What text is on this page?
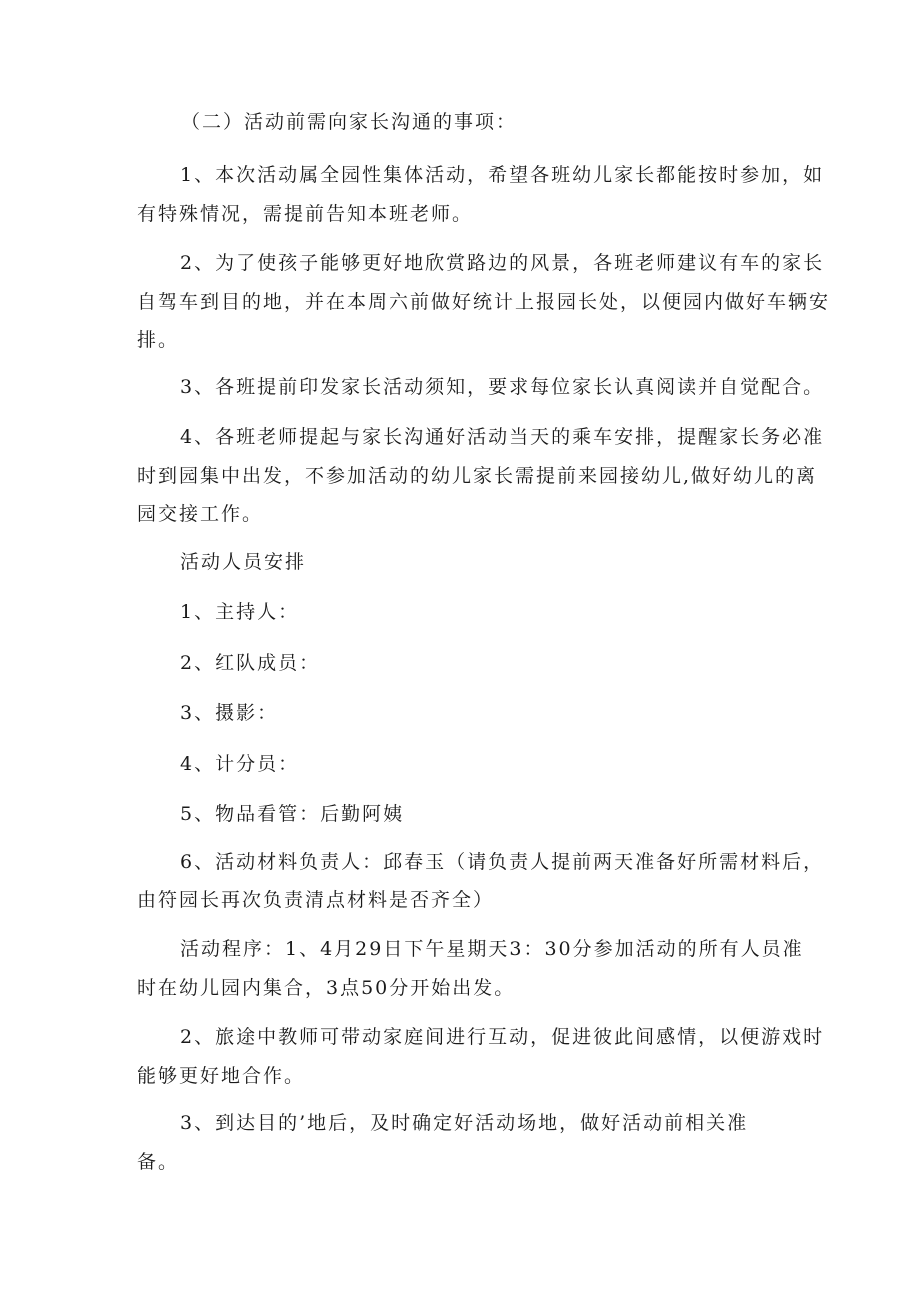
（二）活动前需向家长沟通的事项：
1、本次活动属全园性集体活动，希望各班幼儿家长都能按时参加，如
有特殊情况，需提前告知本班老师。
2、为了使孩子能够更好地欣赏路边的风景，各班老师建议有车的家长
自驾车到目的地，并在本周六前做好统计上报园长处，以便园内做好车辆安
排。
3、各班提前印发家长活动须知，要求每位家长认真阅读并自觉配合。
4、各班老师提起与家长沟通好活动当天的乘车安排，提醒家长务必准
时到园集中出发，不参加活动的幼儿家长需提前来园接幼儿,做好幼儿的离
园交接工作。
活动人员安排
1、主持人：
2、红队成员：
3、摄影：
4、计分员：
5、物品看管：后勤阿姨
6、活动材料负责人：邱春玉（请负责人提前两天准备好所需材料后，
由符园长再次负责清点材料是否齐全）
活动程序：1、4月29日下午星期天3：30分参加活动的所有人员准
时在幼儿园内集合，3点50分开始出发。
2、旅途中教师可带动家庭间进行互动，促进彼此间感情，以便游戏时
能够更好地合作。
3、到达目的’地后，及时确定好活动场地，做好活动前相关准
备。
